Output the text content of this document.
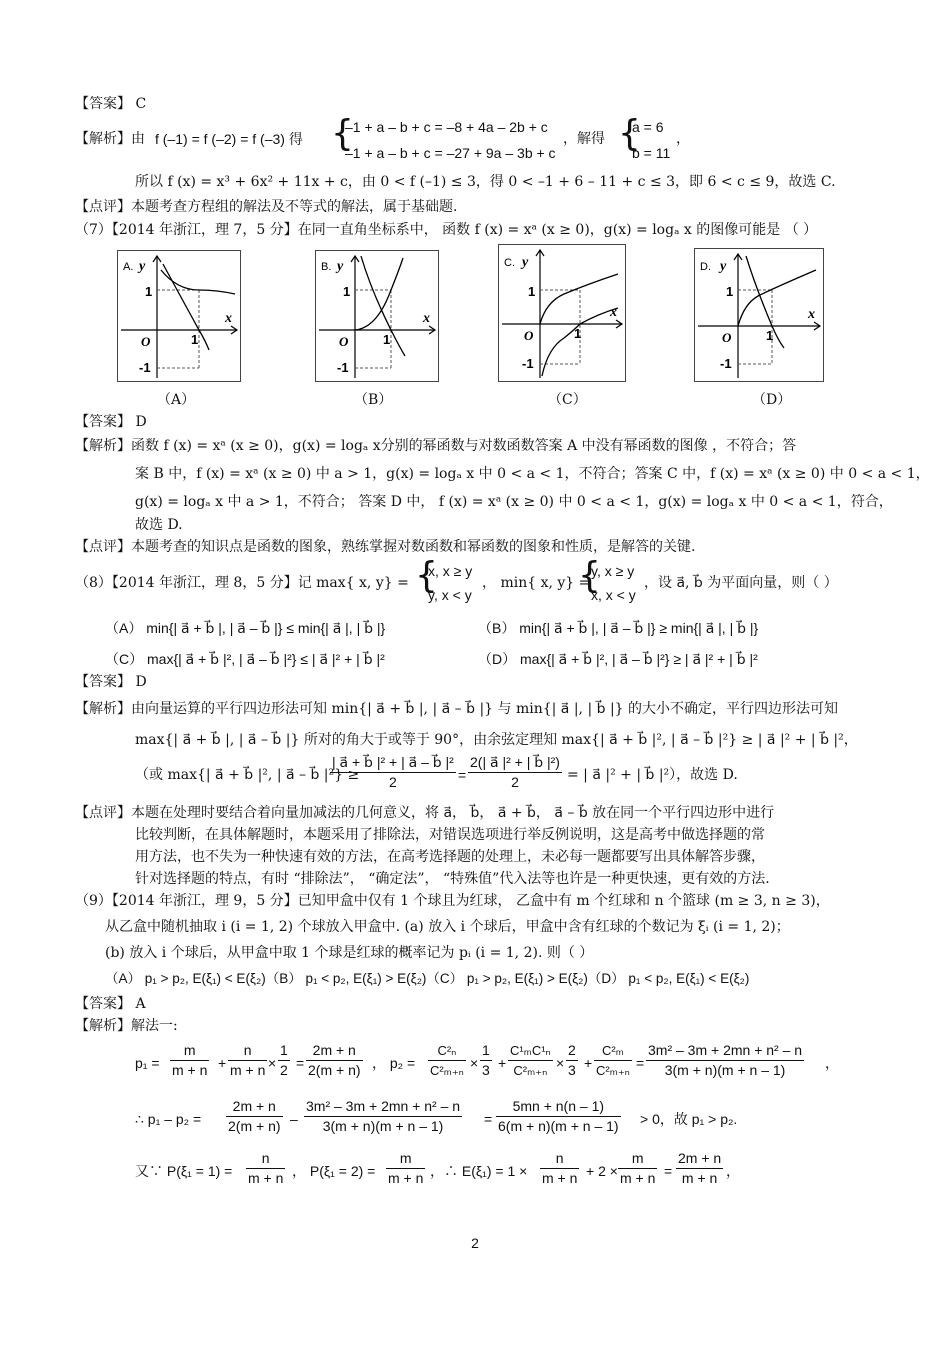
【答案】 C
【解析】由 f (–1) = f (–2) = f (–3) 得 {
–1 + a – b + c = –8 + 4a – 2b + c
–1 + a – b + c = –27 + 9a – 3b + c
，解得 {
a = 6
b = 11
，
所以 f (x) = x³ + 6x² + 11x + c，由 0 < f (–1) ≤ 3，得 0 < –1 + 6 – 11 + c ≤ 3，即 6 < c ≤ 9，故选 C.
【点评】本题考查方程组的解法及不等式的解法，属于基础题.
（7）【2014 年浙江，理 7，5 分】在同一直角坐标系中， 函数 f (x) = xᵃ (x ≥ 0)，g(x) = logₐ x 的图像可能是 （ ）
A. y
x
O
1
1
-1
B. y
x
O
1
1
-1
C. y
x
O
1
1
-1
D. y
x
O
1
1
-1
（A）	（B）	（C）	（D）
【答案】 D
【解析】函数 f (x) = xᵃ (x ≥ 0)，g(x) = logₐ x分别的幂函数与对数函数答案 A 中没有幂函数的图像 ，不符合；答
案 B 中，f (x) = xᵃ (x ≥ 0) 中 a > 1，g(x) = logₐ x 中 0 < a < 1，不符合；答案 C 中，f (x) = xᵃ (x ≥ 0) 中 0 < a < 1，
g(x) = logₐ x 中 a > 1，不符合； 答案 D 中， f (x) = xᵃ (x ≥ 0) 中 0 < a < 1，g(x) = logₐ x 中 0 < a < 1，符合，
故选 D.
【点评】本题考查的知识点是函数的图象，熟练掌握对数函数和幂函数的图象和性质，是解答的关键.
（8）【2014 年浙江，理 8，5 分】记 max{ x, y} = {
x, x ≥ y
y, x < y
， min{ x, y} =
{
y, x ≥ y
x, x < y
，设 a⃗, b⃗ 为平面向量，则（ ）
（A） min{| a⃗ + b⃗ |, | a⃗ – b⃗ |} ≤ min{| a⃗ |, | b⃗ |}	（B） min{| a⃗ + b⃗ |, | a⃗ – b⃗ |} ≥ min{| a⃗ |, | b⃗ |}
（C） max{| a⃗ + b⃗ |², | a⃗ – b⃗ |²} ≤ | a⃗ |² + | b⃗ |²	（D） max{| a⃗ + b⃗ |², | a⃗ – b⃗ |²} ≥ | a⃗ |² + | b⃗ |²
【答案】 D
【解析】由向量运算的平行四边形法可知 min{| a⃗ + b⃗ |, | a⃗ – b⃗ |} 与 min{| a⃗ |, | b⃗ |} 的大小不确定，平行四边形法可知
max{| a⃗ + b⃗ |, | a⃗ – b⃗ |} 所对的角大于或等于 90°，由余弦定理知 max{| a⃗ + b⃗ |², | a⃗ – b⃗ |²} ≥ | a⃗ |² + | b⃗ |²，
（或 max{| a⃗ + b⃗ |², | a⃗ – b⃗ |²} ≥
$\frac{\text{| a⃗ + b⃗ |² + | a⃗ – b⃗ |²}}{2} = \frac{\text{2(| a⃗ |² + | b⃗ |²)}}{2}$ = | a⃗ |² + | b⃗ |²），故选 D.
【点评】本题在处理时要结合着向量加减法的几何意义，将 a⃗， b⃗， a⃗ + b⃗， a⃗ – b⃗ 放在同一个平行四边形中进行
比较判断，在具体解题时，本题采用了排除法，对错误选项进行举反例说明，这是高考中做选择题的常
用方法，也不失为一种快速有效的方法，在高考选择题的处理上，未必每一题都要写出具体解答步骤，
针对选择题的特点，有时 “排除法”， “确定法”， “特殊值”代入法等也许是一种更快速，更有效的方法.
（9）【2014 年浙江，理 9，5 分】已知甲盒中仅有 1 个球且为红球， 乙盒中有 m 个红球和 n 个篮球 (m ≥ 3, n ≥ 3)，
从乙盒中随机抽取 i (i = 1, 2) 个球放入甲盒中. (a) 放入 i 个球后，甲盒中含有红球的个数记为 ξᵢ (i = 1, 2)；
(b) 放入 i 个球后，从甲盒中取 1 个球是红球的概率记为 pᵢ (i = 1, 2). 则（ ）
（A） p₁ > p₂, E(ξ₁) < E(ξ₂)（B） p₁ < p₂, E(ξ₁) > E(ξ₂)（C） p₁ > p₂, E(ξ₁) > E(ξ₂)（D） p₁ < p₂, E(ξ₁) < E(ξ₂)
【答案】 A
【解析】解法一:
$p_1 = \frac{m}{m + n} + \frac{n}{m + n} \times \frac{1}{2} = \frac{2m + n}{2(m + n)}$ ， $p_2 = \frac{\text{C²ₙ}}{\text{C²ₘ₊ₙ}} \times \frac{1}{3} + \frac{\text{C¹ₘC¹ₙ}}{\text{C²ₘ₊ₙ}} \times \frac{2}{3} + \frac{\text{C²ₘ}}{\text{C²ₘ₊ₙ}} = \frac{\text{3m² – 3m + 2mn + n² – n}}{3(m + n)(m + n - 1)}$ ，
∴ $p_1 - p_2 = \frac{2m + n}{2(m + n)} - \frac{\text{3m² – 3m + 2mn + n² – n}}{3(m + n)(m + n - 1)} = \frac{5mn + n(n - 1)}{6(m + n)(m + n - 1)} > 0$，故 p₁ > p₂.
又∵ $P(\xi_1 = 1) = \frac{n}{m + n}$ ， $P(\xi_1 = 2) = \frac{m}{m + n}$ ，∴ $E(\xi_1) = 1 \times \frac{n}{m + n} + 2 \times \frac{m}{m + n} = \frac{2m + n}{m + n}$ ，
2
